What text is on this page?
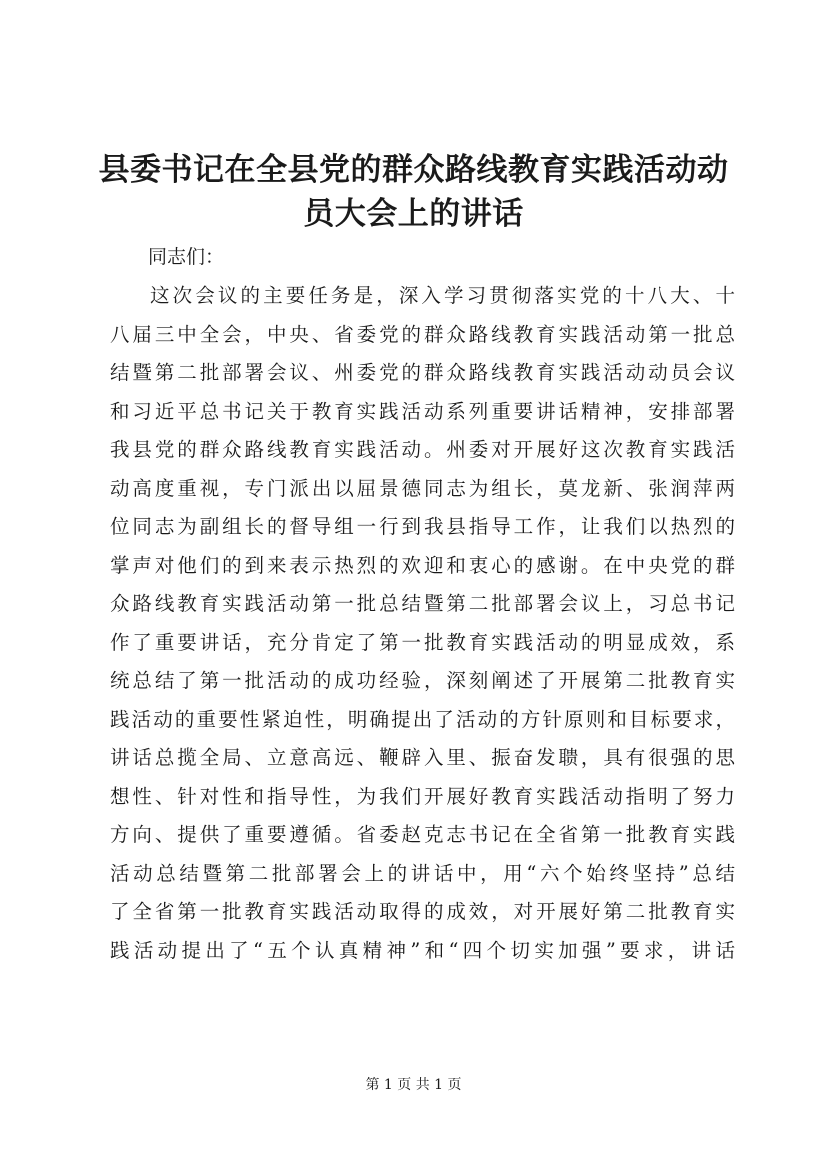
县委书记在全县党的群众路线教育实践活动动员大会上的讲话

同志们：

这次会议的主要任务是，深入学习贯彻落实党的十八大、十
八届三中全会，中央、省委党的群众路线教育实践活动第一批总
结暨第二批部署会议、州委党的群众路线教育实践活动动员会议
和习近平总书记关于教育实践活动系列重要讲话精神，安排部署
我县党的群众路线教育实践活动。州委对开展好这次教育实践活
动高度重视，专门派出以屈景德同志为组长，莫龙新、张润萍两
位同志为副组长的督导组一行到我县指导工作，让我们以热烈的
掌声对他们的到来表示热烈的欢迎和衷心的感谢。在中央党的群
众路线教育实践活动第一批总结暨第二批部署会议上，习总书记
作了重要讲话，充分肯定了第一批教育实践活动的明显成效，系
统总结了第一批活动的成功经验，深刻阐述了开展第二批教育实
践活动的重要性紧迫性，明确提出了活动的方针原则和目标要求，
讲话总揽全局、立意高远、鞭辟入里、振奋发聩，具有很强的思
想性、针对性和指导性，为我们开展好教育实践活动指明了努力
方向、提供了重要遵循。省委赵克志书记在全省第一批教育实践
活动总结暨第二批部署会上的讲话中，用“六个始终坚持”总结
了全省第一批教育实践活动取得的成效，对开展好第二批教育实
践活动提出了“五个认真精神”和“四个切实加强”要求，讲话
第 1 页 共 1 页
